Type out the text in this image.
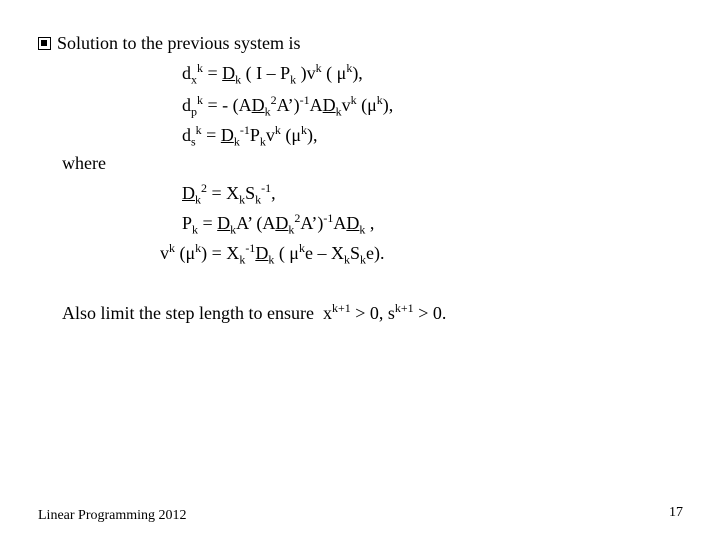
Solution to the previous system is
$d_x^k = D_k$ ( I – $P_k$ )$v^k$ ( $\mu^k$),
$d_p^k$ = - $(AD_k^2A’)^{-1}AD_kv^k$ $(\mu^k)$,
$d_s^k = D_k^{-1}P_kv^k$ $(\mu^k)$,
where
$D_k^2 = X_kS_k^{-1}$,
$P_k = D_kA$’ $(AD_k^2A’)^{-1}AD_k$ ,
$v^k$ $(\mu^k) = X_k^{-1}D_k$ ( $\mu^ke - X_kS_ke$).
Also limit the step length to ensure  $x^{k+1} > 0$, $s^{k+1} > 0$.
Linear Programming 2012	17
